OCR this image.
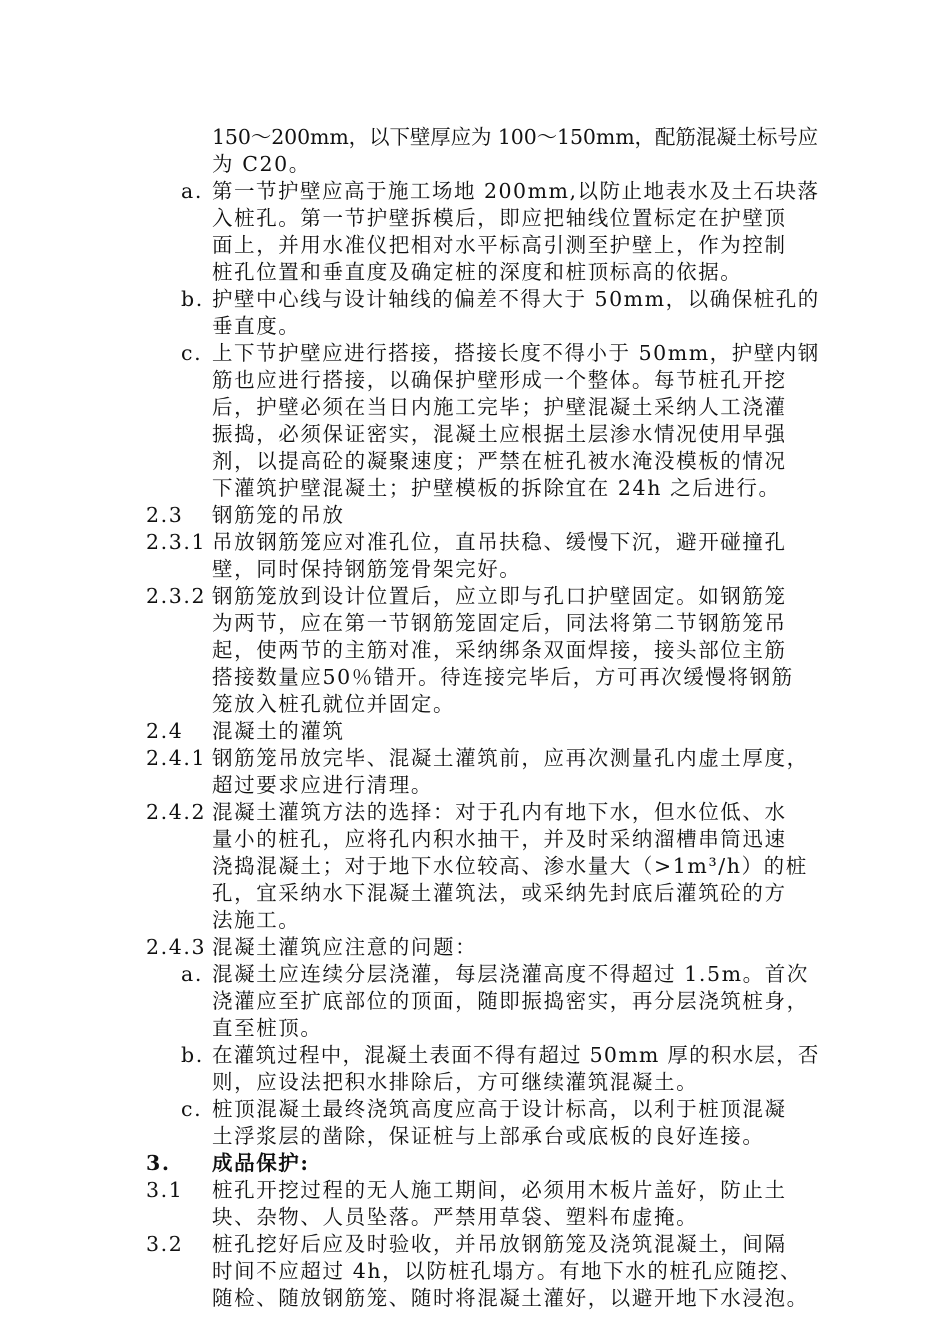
150～200mm，以下壁厚应为 100～150mm，配筋混凝土标号应
为 C20。
a. 第一节护壁应高于施工场地 200mm,以防止地表水及土石块落
入桩孔。第一节护壁拆模后，即应把轴线位置标定在护壁顶
面上，并用水准仪把相对水平标高引测至护壁上，作为控制
桩孔位置和垂直度及确定桩的深度和桩顶标高的依据。
b. 护壁中心线与设计轴线的偏差不得大于 50mm，以确保桩孔的
垂直度。
c. 上下节护壁应进行搭接，搭接长度不得小于 50mm，护壁内钢
筋也应进行搭接，以确保护壁形成一个整体。每节桩孔开挖
后，护壁必须在当日内施工完毕；护壁混凝土采纳人工浇灌
振捣，必须保证密实，混凝土应根据土层渗水情况使用早强
剂，以提高砼的凝聚速度；严禁在桩孔被水淹没模板的情况
下灌筑护壁混凝土；护壁模板的拆除宜在 24h 之后进行。
2.3 钢筋笼的吊放
2.3.1 吊放钢筋笼应对准孔位，直吊扶稳、缓慢下沉，避开碰撞孔
壁，同时保持钢筋笼骨架完好。
2.3.2 钢筋笼放到设计位置后，应立即与孔口护壁固定。如钢筋笼
为两节，应在第一节钢筋笼固定后，同法将第二节钢筋笼吊
起，使两节的主筋对准，采纳绑条双面焊接，接头部位主筋
搭接数量应50％错开。待连接完毕后，方可再次缓慢将钢筋
笼放入桩孔就位并固定。
2.4 混凝土的灌筑
2.4.1 钢筋笼吊放完毕、混凝土灌筑前，应再次测量孔内虚土厚度，
超过要求应进行清理。
2.4.2 混凝土灌筑方法的选择：对于孔内有地下水，但水位低、水
量小的桩孔，应将孔内积水抽干，并及时采纳溜槽串筒迅速
浇捣混凝土；对于地下水位较高、渗水量大（>1m³/h）的桩
孔，宜采纳水下混凝土灌筑法，或采纳先封底后灌筑砼的方
法施工。
2.4.3 混凝土灌筑应注意的问题：
a. 混凝土应连续分层浇灌，每层浇灌高度不得超过 1.5m。首次
浇灌应至扩底部位的顶面，随即振捣密实，再分层浇筑桩身，
直至桩顶。
b. 在灌筑过程中，混凝土表面不得有超过 50mm 厚的积水层，否
则，应设法把积水排除后，方可继续灌筑混凝土。
c. 桩顶混凝土最终浇筑高度应高于设计标高，以利于桩顶混凝
土浮浆层的凿除，保证桩与上部承台或底板的良好连接。
3. 成品保护:
3.1 桩孔开挖过程的无人施工期间，必须用木板片盖好，防止土
块、杂物、人员坠落。严禁用草袋、塑料布虚掩。
3.2 桩孔挖好后应及时验收，并吊放钢筋笼及浇筑混凝土，间隔
时间不应超过 4h，以防桩孔塌方。有地下水的桩孔应随挖、
随检、随放钢筋笼、随时将混凝土灌好，以避开地下水浸泡。
